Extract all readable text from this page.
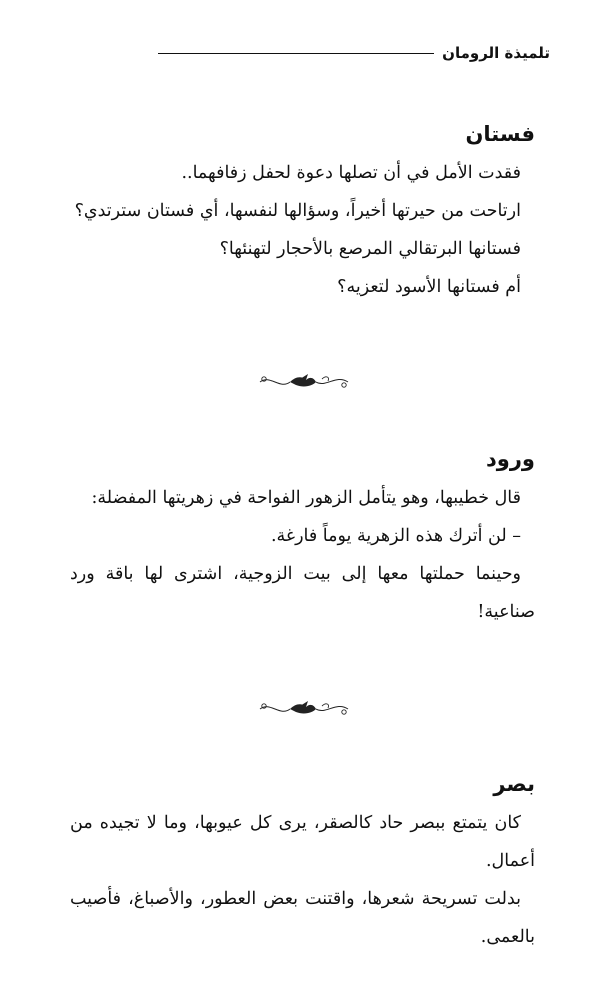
تلميذة الرومان
فستان

فقدت الأمل في أن تصلها دعوة لحفل زفافهما..

ارتاحت من حيرتها أخيراً، وسؤالها لنفسها، أي فستان سترتدي؟

فستانها البرتقالي المرصع بالأحجار لتهنئها؟

أم فستانها الأسود لتعزيه؟

ورود

قال خطيبها، وهو يتأمل الزهور الفواحة في زهريتها المفضلة:

– لن أترك هذه الزهرية يوماً فارغة.

وحينما حملتها معها إلى بيت الزوجية، اشترى لها باقة ورد صناعية!

بصر

كان يتمتع ببصر حاد كالصقر، يرى كل عيوبها، وما لا تجيده من أعمال.

بدلت تسريحة شعرها، واقتنت بعض العطور، والأصباغ، فأصيب بالعمى.
